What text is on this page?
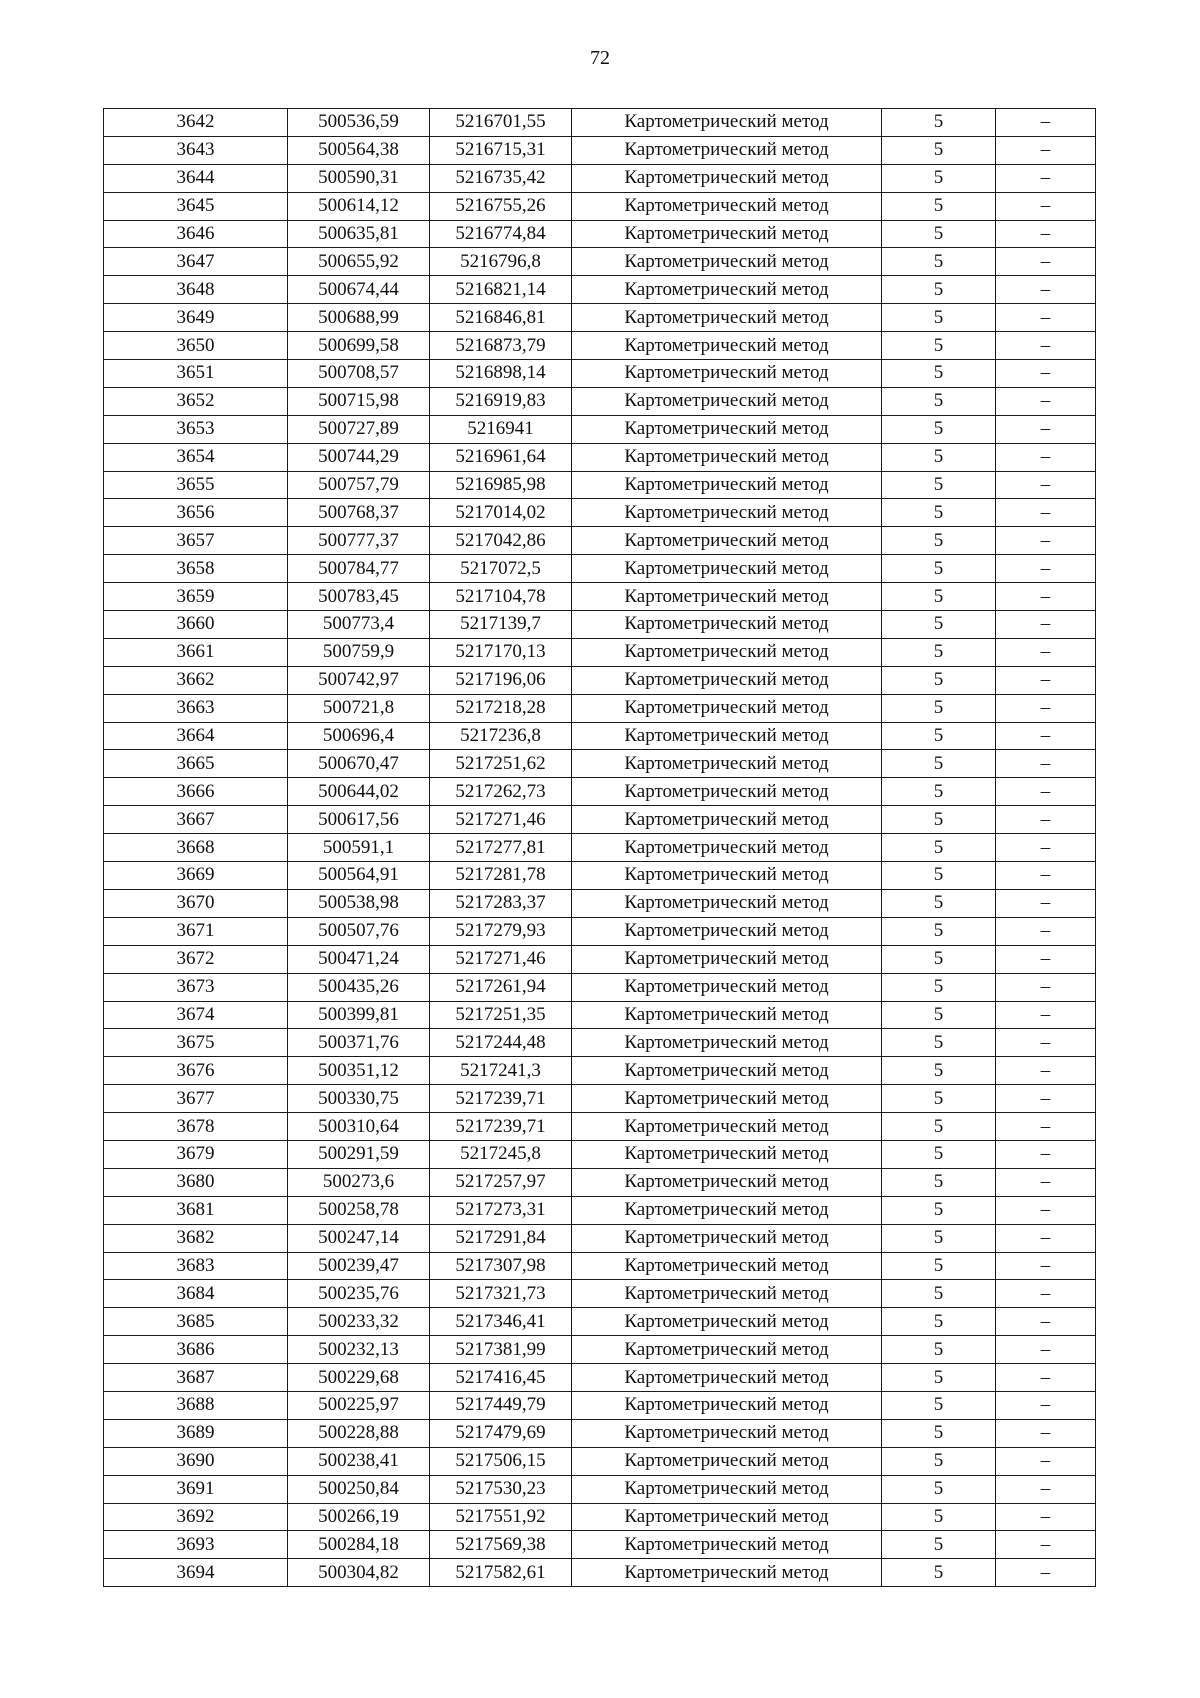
72
3642	500536,59	5216701,55	Картометрический метод	5	–
3643	500564,38	5216715,31	Картометрический метод	5	–
3644	500590,31	5216735,42	Картометрический метод	5	–
3645	500614,12	5216755,26	Картометрический метод	5	–
3646	500635,81	5216774,84	Картометрический метод	5	–
3647	500655,92	5216796,8	Картометрический метод	5	–
3648	500674,44	5216821,14	Картометрический метод	5	–
3649	500688,99	5216846,81	Картометрический метод	5	–
3650	500699,58	5216873,79	Картометрический метод	5	–
3651	500708,57	5216898,14	Картометрический метод	5	–
3652	500715,98	5216919,83	Картометрический метод	5	–
3653	500727,89	5216941	Картометрический метод	5	–
3654	500744,29	5216961,64	Картометрический метод	5	–
3655	500757,79	5216985,98	Картометрический метод	5	–
3656	500768,37	5217014,02	Картометрический метод	5	–
3657	500777,37	5217042,86	Картометрический метод	5	–
3658	500784,77	5217072,5	Картометрический метод	5	–
3659	500783,45	5217104,78	Картометрический метод	5	–
3660	500773,4	5217139,7	Картометрический метод	5	–
3661	500759,9	5217170,13	Картометрический метод	5	–
3662	500742,97	5217196,06	Картометрический метод	5	–
3663	500721,8	5217218,28	Картометрический метод	5	–
3664	500696,4	5217236,8	Картометрический метод	5	–
3665	500670,47	5217251,62	Картометрический метод	5	–
3666	500644,02	5217262,73	Картометрический метод	5	–
3667	500617,56	5217271,46	Картометрический метод	5	–
3668	500591,1	5217277,81	Картометрический метод	5	–
3669	500564,91	5217281,78	Картометрический метод	5	–
3670	500538,98	5217283,37	Картометрический метод	5	–
3671	500507,76	5217279,93	Картометрический метод	5	–
3672	500471,24	5217271,46	Картометрический метод	5	–
3673	500435,26	5217261,94	Картометрический метод	5	–
3674	500399,81	5217251,35	Картометрический метод	5	–
3675	500371,76	5217244,48	Картометрический метод	5	–
3676	500351,12	5217241,3	Картометрический метод	5	–
3677	500330,75	5217239,71	Картометрический метод	5	–
3678	500310,64	5217239,71	Картометрический метод	5	–
3679	500291,59	5217245,8	Картометрический метод	5	–
3680	500273,6	5217257,97	Картометрический метод	5	–
3681	500258,78	5217273,31	Картометрический метод	5	–
3682	500247,14	5217291,84	Картометрический метод	5	–
3683	500239,47	5217307,98	Картометрический метод	5	–
3684	500235,76	5217321,73	Картометрический метод	5	–
3685	500233,32	5217346,41	Картометрический метод	5	–
3686	500232,13	5217381,99	Картометрический метод	5	–
3687	500229,68	5217416,45	Картометрический метод	5	–
3688	500225,97	5217449,79	Картометрический метод	5	–
3689	500228,88	5217479,69	Картометрический метод	5	–
3690	500238,41	5217506,15	Картометрический метод	5	–
3691	500250,84	5217530,23	Картометрический метод	5	–
3692	500266,19	5217551,92	Картометрический метод	5	–
3693	500284,18	5217569,38	Картометрический метод	5	–
3694	500304,82	5217582,61	Картометрический метод	5	–
